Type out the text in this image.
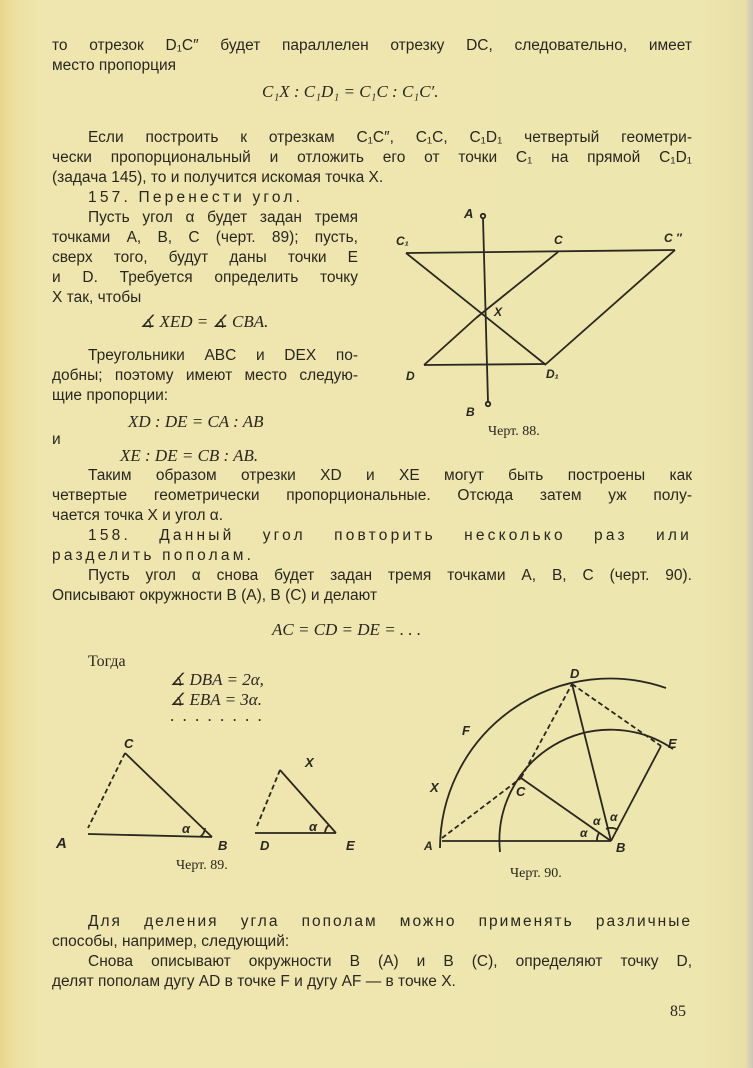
то отрезок D₁C″ будет параллелен отрезку DC, следовательно, имеет
место пропорция
C₁X : C₁D₁ = C₁C : C₁C′.
Если построить к отрезкам C₁C″, C₁C, C₁D₁ четвертый геометри-
чески пропорциональный и отложить его от точки C₁ на прямой C₁D₁
(задача 145), то и получится искомая точка X.
157. Перенести угол.
Пусть угол α будет задан тремя
точками A, B, C (черт. 89); пусть,
сверх того, будут даны точки E
и D. Требуется определить точку
X так, чтобы
∡ XED = ∡ CBA.
Треугольники ABC и DEX по-
добны; поэтому имеют место следую-
щие пропорции:
XD : DE = CA : AB
и
XE : DE = CB : AB.
A
C₁	C	C ″
X
D	D₁
B
Черт. 88.
Таким образом отрезки XD и XE могут быть построены как
четвертые геометрически пропорциональные. Отсюда затем уж полу-
чается точка X и угол α.
158. Данный угол повторить несколько раз или
разделить пополам.
Пусть угол α снова будет задан тремя точками A, B, C (черт. 90).
Описывают окружности B (A), B (C) и делают
AC = CD = DE = . . .
Тогда
∡ DBA = 2α,
∡ EBA = 3α.
. . . . . . . .
C
A	B
α
X
D	E
α
Черт. 89.
D
F
E
X	C
A	B
α
α α
Черт. 90.
Для деления угла пополам можно применять различные
способы, например, следующий:
Снова описывают окружности B (A) и B (C), определяют точку D,
делят пополам дугу AD в точке F и дугу AF — в точке X.
85
